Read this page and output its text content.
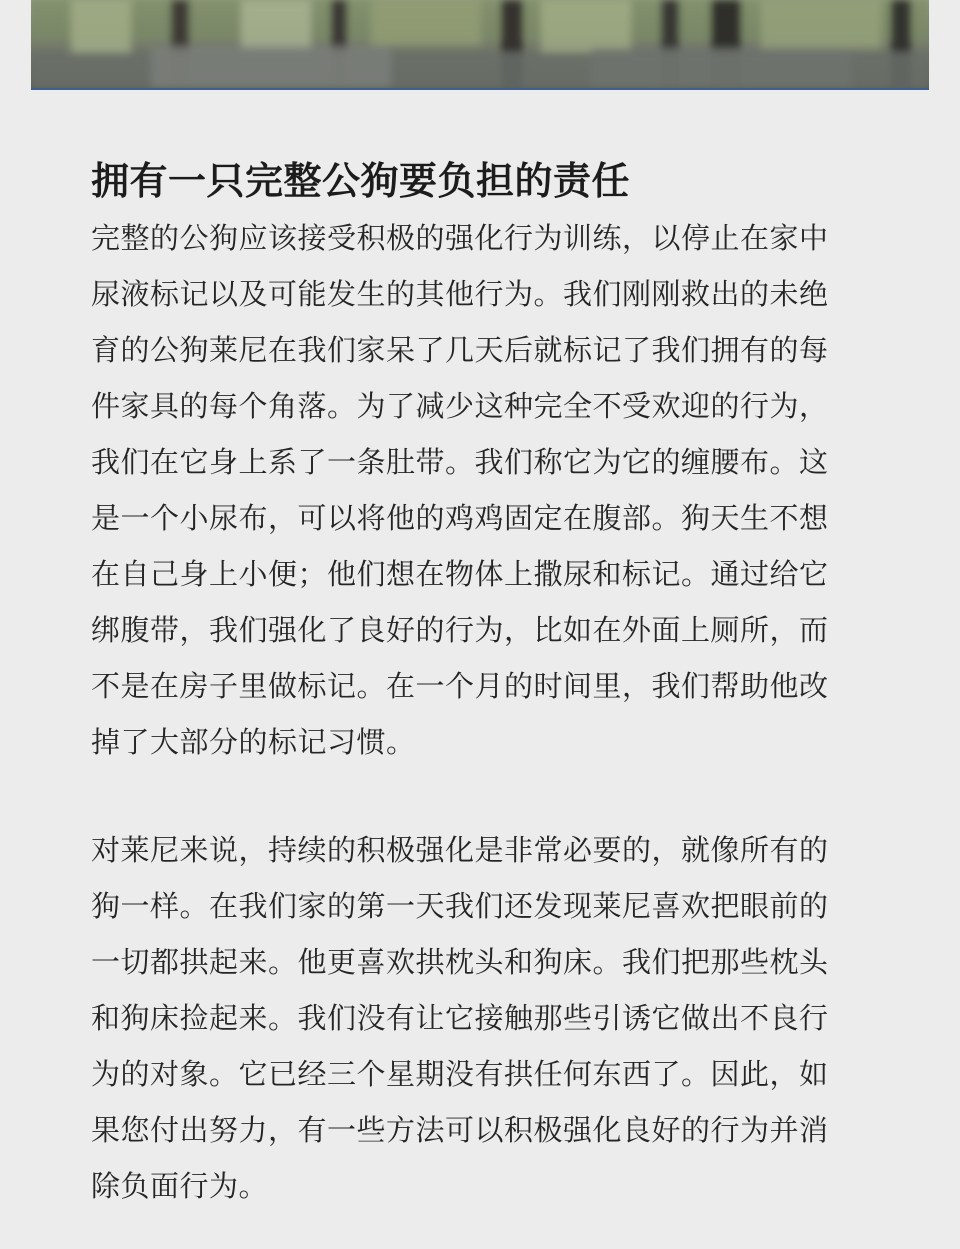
拥有一只完整公狗要负担的责任

完整的公狗应该接受积极的强化行为训练，以停止在家中
尿液标记以及可能发生的其他行为。我们刚刚救出的未绝
育的公狗莱尼在我们家呆了几天后就标记了我们拥有的每
件家具的每个角落。为了减少这种完全不受欢迎的行为，
我们在它身上系了一条肚带。我们称它为它的缠腰布。这
是一个小尿布，可以将他的鸡鸡固定在腹部。狗天生不想
在自己身上小便；他们想在物体上撒尿和标记。通过给它
绑腹带，我们强化了良好的行为，比如在外面上厕所，而
不是在房子里做标记。在一个月的时间里，我们帮助他改
掉了大部分的标记习惯。

对莱尼来说，持续的积极强化是非常必要的，就像所有的
狗一样。在我们家的第一天我们还发现莱尼喜欢把眼前的
一切都拱起来。他更喜欢拱枕头和狗床。我们把那些枕头
和狗床捡起来。我们没有让它接触那些引诱它做出不良行
为的对象。它已经三个星期没有拱任何东西了。因此，如
果您付出努力，有一些方法可以积极强化良好的行为并消
除负面行为。
